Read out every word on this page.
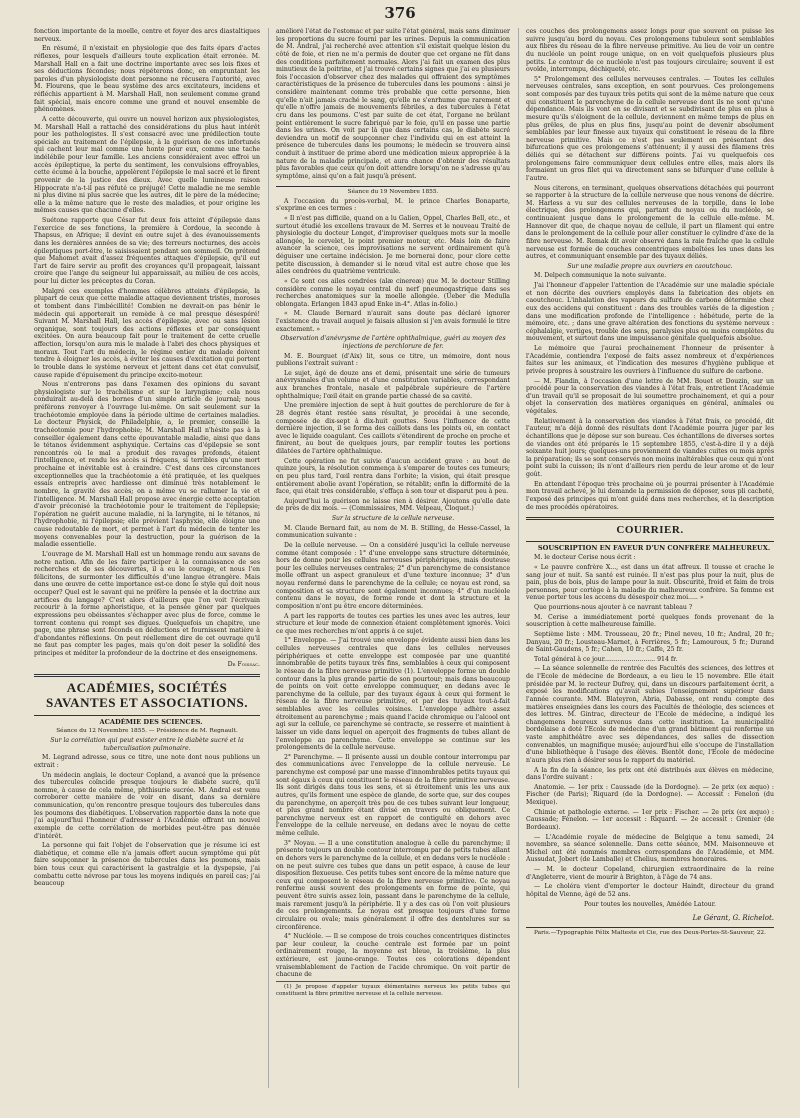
376

fonction importante de la moelle, centre et foyer des arcs diastaltiques nerveux.

En résumé, il n'existait en physiologie que des faits épars d'actes réflexes, pour lesquels d'ailleurs toute explication était erronée. M. Marshall Hall en a fait une doctrine importante avec ses lois fixes et ses déductions fécondes; nous répéterons donc, en empruntant les paroles d'un physiologiste dont personne ne récusera l'autorité, avec M. Flourens, que le beau système des arcs excitateurs, incidens et réfléchis appartient à M. Marshall Hall, non seulement comme grand fait spécial, mais encore comme une grand et nouvel ensemble de phénomènes.

A cette découverte, qui ouvre un nouvel horizon aux physiologistes, M. Marshall Hall a rattaché des considérations du plus haut intérêt pour les pathologistes. Il s'est consacré avec une prédilection toute spéciale au traitement de l'épilepsie, à la guérison de ces infortunés qui cachent leur mal comme une honte pour eux, comme une tache indélébile pour leur famille. Les anciens considéraient avec effroi un accès épileptique, la perte du sentiment, les convulsions effroyables, cette écume à la bouche, appelèrent l'épilepsie le mal sacré et le firent provenir de la justice des dieux. Avec quelle lumineuse raison Hippocrate n'a-t-il pas réfuté ce préjugé! Cette maladie ne me semble ni plus divine ni plus sacrée que les autres, dit le père de la médecine; elle a la même nature que le reste des maladies, et pour origine les mêmes causes que chacune d'elles.

Suétone rapporte que César fut deux fois atteint d'épilepsie dans l'exercice de ses fonctions, la première à Cordoue, la seconde à Thapsus, en Afrique; il devint en outre sujet à des évanouissements dans les dernières années de sa vie; des terreurs nocturnes, des accès épileptiques port-être, le saisissaient pendant son sommeil. On prétend que Mahomet avait d'assez fréquentes attaques d'épilepsie, qu'il eut l'art de faire servir au profit des croyances qu'il propageait, laissant croire que l'ange du seigneur lui apparaissait, au milieu de ces accès, pour lui dicter les préceptes du Coran.

Malgré ces exemples d'hommes célèbres atteints d'épilepsie, la plupart de ceux que cette maladie attaque deviennent tristes, moroses et tombent dans l'imbécillité! Combien ne devrait-on pas bénir le médecin qui apporterait un remède à ce mal presque désespéré! Suivant M. Marshall Hall, les accès d'épilepsie, avec ou sans lésion organique, sont toujours des actions réflexes et par conséquent excitées. On aura beaucoup fait pour le traitement de cette cruelle affection, lorsqu'on aura mis le malade à l'abri des chocs physiques et moraux. Tout l'art du médecin, le régime entier du malade doivent tendre à éloigner les accès, à éviter les causes d'excitation qui portent le trouble dans le système nerveux et jettent dans cet état convulsif, cause rapide d'épuisement du principe excito-moteur.

Nous n'entrerons pas dans l'examen des opinions du savant physiologiste sur le trachélisme et sur le laryngisme; cela nous conduirait au-delà des bornes d'un simple article de journal; nous préférons renvoyer à l'ouvrage lui-même. On sait seulement sur la trachéotomie employée dans la période ultime de certaines maladies. Le docteur Physick, de Philadelphie, a, le premier, conseillé la trachéotomie pour l'hydrophobie; M. Marshall Hall n'hésite pas à la conseiller également dans cette épouvantable maladie, ainsi que dans le tétanos évidemment asphyxique. Certains cas d'épilepsie se sont rencontrés où le mal a produit des ravages profonds, étaient l'intelligence, et rendu les accès si fréquens, si terribles qu'une mort prochaine et inévitable est à craindre. C'est dans ces circonstances exceptionnelles que la trachéotomie a été pratiquée, et les quelques essais entrepris avec hardiesse ont diminué très notablement le nombre, la gravité des accès; on a même vu se rallumer la vie et l'intelligence. M. Marshall Hall propose avec énergie cette acceptation d'avoir préconisé la trachéotomie pour le traitement de l'épilepsie; l'opération ne guérit aucune maladie, ni la laryngite, ni le tétanos, ni l'hydrophobie, ni l'épilepsie; elle prévient l'asphyxie, elle éloigne une cause redoutable de mort, et permet à l'art du médecin de tenter les moyens convenables pour la destruction, pour la guérison de la maladie essentielle.

L'ouvrage de M. Marshall Hall est un hommage rendu aux savans de notre nation. Afin de les faire participer à la connaissance de ses recherches et de ses découvertes, il a eu le courage, et nous l'en félicitons, de surmonter les difficultés d'une langue étrangère. Mais dans une œuvre de cette importance est-ce donc le style qui doit nous occuper? Quel est le savant qui ne préfère la pensée et la doctrine aux artifices du langage? C'est alors d'ailleurs que l'on voit l'écrivain recourir à la forme aphoristique, et la pensée gêner par quelques expressions peu obéissantes s'échapper avec plus de force, comme le torrent contenu qui rompt ses digues. Quelquefois un chapitre, une page, une phrase sont féconds en déductions et fournissent matière à d'abondantes réflexions. On peut réellement dire de cet ouvrage qu'il ne faut pas compter les pages, mais qu'on doit peser la solidité des principes et méditer la profondeur de la doctrine et des enseignemens.

Dr Foissac.

ACADÉMIES, SOCIÉTÉS SAVANTES ET ASSOCIATIONS.

ACADÉMIE DES SCIENCES.

Séance du 12 Novembre 1855. — Présidence de M. Regnault.

Sur la corrélation qui peut exister entre le diabète sucré et la tuberculisation pulmonaire.

M. Legrand adresse, sous ce titre, une note dont nous publions un extrait :

Un médecin anglais, le docteur Copland, a avancé que la présence des tubercules coïncide presque toujours le diabète sucré, qu'il nomme, à cause de cela même, phthisurie sucrée. M. Andral est venu corroborer cette manière de voir en disant, dans sa dernière communication, qu'on rencontre presque toujours des tubercules dans les poumons des diabétiques. L'observation rapportée dans la note que j'ai aujourd'hui l'honneur d'adresser à l'Académie offrant un nouvel exemple de cette corrélation de morbides peut-être pas dénuée d'intérêt.

La personne qui fait l'objet de l'observation que je résume ici est diabétique, et comme elle n'a jamais offert aucun symptôme qui pût faire soupçonner la présence de tubercules dans les poumons, mais bien tous ceux qui caractérisent la gastralgie et la dyspepsie, j'ai combattu cette névrose par tous les moyens indiqués en pareil cas; j'ai beaucoup

amélioré l'état de l'estomac et par suite l'état général, mais sans diminuer les proportions du sucre fourni par les urines. Depuis la communication de M. Andral, j'ai recherché avec attention s'il existait quelque lésion du côté de foie, et rien ne m'a permis de douter que cet organe ne fût dans des conditions parfaitement normales. Alors j'ai fait un examen des plus minutieux de la poitrine, et j'ai trouvé certains signes que j'ai eu plusieurs fois l'occasion d'observer chez des malades qui offraient des symptômes caractéristiques de la présence de tubercules dans les poumons : ainsi je considère maintenant comme très probable que cette personne, bien qu'elle n'ait jamais craché le sang, qu'elle ne s'enrhume que rarement et qu'elle n'offre jamais de mouvements fébriles, a des tubercules à l'état cru dans les poumons. C'est par suite de cet état, l'organe ne brûlant point entièrement le sucre fabriqué par le foie, qu'il en passe une partie dans les urines. On voit par là que dans certains cas, le diabète sucré deviendra un motif de soupçonner chez l'individu qui en est atteint la présence de tubercules dans les poumons; le médecin se trouvera ainsi conduit à instituer de prime abord une médication mieux appropriée à la nature de la maladie principale, et aura chance d'obtenir des résultats plus favorables que ceux qu'on doit attendre lorsqu'on ne s'adresse qu'au symptôme, ainsi qu'on a fait jusqu'à présent.

Séance du 19 Novembre 1855.

A l'occasion du procès-verbal, M. le prince Charles Bonaparte, s'exprime en ces termes :

« Il n'est pas difficile, quand on a lu Galien, Oppel, Charles Bell, etc., et surtout étudié les excellens travaux de M. Serres et le nouveau Traité de physiologie du docteur Longet, d'improviser quelques mots sur la moelle allongée, le cervelet, le point premier moteur, etc. Mais loin de faire avancer la science, ces improvisations ne servent ordinairement qu'à déguiser une certaine indécision. Je me bornerai donc, pour clore cette petite discussion, à demander si le nœud vital est autre chose que les ailes cendrées du quatrième ventricule.

« Ce sont ces ailes cendrées (alæ cinereæ) que M. le docteur Stilling considère comme le noyau central du nerf pneumogastrique dans ses recherches anatomiques sur la moelle allongée. (Ueber die Medulla oblongata. Erlangen 1843 apud Enke in-4°. Atlas in-folio.)

« M. Claude Bernard n'aurait sans doute pas déclaré ignorer l'existence du travail auquel je faisais allusion si j'en avais formulé le titre exactement. »

Observation d'anévrysme de l'artère ophthalmique, guéri au moyen des injections de perchlorure de fer.

M. E. Bourguet (d'Aix) lit, sous ce titre, un mémoire, dont nous publions l'extrait suivant :

Le sujet, âgé de douze ans et demi, présentait une série de tumeurs anévrysmales d'un volume et d'une constitution variables, correspondant aux branches frontale, nasale et palpébrale supérieure de l'artère ophthalmique; l'œil était en grande partie chassé de sa cavité.

Une première injection de sept à huit gouttes de perchlorure de fer à 28 degrés étant restée sans résultat, je procédai à une seconde, composée de dix-sept à dix-huit gouttes. Sous l'influence de cette dernière injection, il se forma des caillots dans les points où, en contact avec le liquide coagulant. Ces caillots s'étendirent de proche en proche et finirent, au bout de quelques jours, par remplir toutes les portions dilatées de l'artère ophthalmique.

Cette opération ne fut suivie d'aucun accident grave : au bout de quinze jours, la résolution commença à s'emparer de toutes ces tumeurs; en peu plus tard, l'œil rentra dans l'orbite; la vision, qui était presque entièrement abolie avant l'opération, se rétablit; enfin la difformité de la face, qui était très considérable, s'effaça à son tour et disparut peu à peu.

Aujourd'hui la guérison ne laisse rien à désirer. Ajoutons qu'elle date de près de dix mois. — (Commissaires, MM. Velpeau, Cloquet.)

Sur la structure de la cellule nerveuse.

M. Claude Bernard fait, au nom de M. B. Stilling, de Hesse-Cassel, la communication suivante :

De la cellule nerveuse. — On a considéré jusqu'ici la cellule nerveuse comme étant composée : 1° d'une enveloppe sans structure déterminée, hors de donne pour les cellules nerveuses périphériques, mais douteuse pour les cellules nerveuses centrales; 2° d'un parenchyme de consistance molle offrant un aspect granuleux et d'une texture inconnue; 3° d'un noyau renfermé dans le parenchyme de la cellule; ce noyau est rond, sa composition et sa structure sont également inconnues; 4° d'un nucléole contenu dans le noyau, de forme ronde et dont la structure et la composition n'ont pu être encore déterminées.

A part les rapports de toutes ces parties les unes avec les autres, leur structure et leur mode de connexion étaient complètement ignorés. Voici ce que mes recherches m'ont appris à ce sujet.

1° Enveloppe. — J'ai trouvé une enveloppe évidente aussi bien dans les cellules nerveuses centrales que dans les cellules nerveuses périphériques et cette enveloppe est composée par une quantité innombrable de petits tuyaux très fins, semblables à ceux qui composent le réseau de la fibre nerveuse primitive (1). L'enveloppe forme un double contour dans la plus grande partie de son pourtour; mais dans beaucoup de points on voit cette enveloppe commuquer, en dedans avec le parenchyme de la cellule, par des tuyaux égaux à ceux qui forment le réseau de la fibre nerveuse primitive, et par des tuyaux tout-à-fait semblables avec les cellules voisines. L'enveloppe adhère assez étroitement au parenchyme ; mais quand l'acide chromique ou l'alcool ont agi sur la cellule, ce parenchyme se contracte, se resserre et maintient à laisser un vide dans lequel on aperçoit des fragments de tubes allant de l'enveloppe au parenchyme. Cette enveloppe se continue sur les prolongements de la cellule nerveuse.

2° Parenchyme. — Il présente aussi un double contour interrompu par des communications avec l'enveloppe de la cellule nerveuse. Le parenchyme est composé par une masse d'innombrables petits tuyaux qui sont égaux à ceux qui constituent le réseau de la fibre primitive nerveuse. Ils sont dirigés dans tous les sens, et si étroitement unis les uns aux autres, qu'ils forment une espèce de glande, de sorte que, sur des coupes du parenchyme, on aperçoit très peu de ces tubes suivant leur longueur, et plus grand nombre étant divisé en travers ou obliquement. Ce parenchyme nerveux est en rapport de contiguïté en dehors avec l'enveloppe de la cellule nerveuse, en dedans avec le noyau de cette même cellule.

3° Noyau. — Il a une constitution analogue à celle du parenchyme; il présente toujours un double contour interrompu par de petits tubes allant en dehors vers le parenchyme de la cellule, et en dedans vers le nucléole : on ne peut suivre ces tubes que dans un petit espace, à cause de leur disposition flexueuse. Ces petits tubes sont encore de la même nature que ceux qui composent le réseau de la fibre nerveuse primitive. Ce noyau renferme aussi souvent des prolongements en forme de pointe, qui peuvent être suivis assez loin, passant dans le parenchyme de la cellule, mais rarement jusqu'à la périphérie. Il y a des cas où l'on voit plusieurs de ces prolongements. Le noyau est presque toujours d'une forme circulaire ou ovale; mais généralement il offre des dentelures sur sa circonférence.

4° Nucléole. — Il se compose de trois couches concentriques distinctes par leur couleur, la couche centrale est formée par un point ordinairement rouge, la moyenne est bleue, la troisième, la plus extérieure, est jaune-orange. Toutes ces colorations dépendent vraisemblablement de l'action de l'acide chromique. On voit partir de chacune de

(1) Je propose d'appeler tuyaux élémentaires nerveux les petits tubes qui constituent la fibre primitive nerveuse et la cellule nerveuse.

ces couches des prolongemens assez longs pour que souvent on puisse les suivre jusqu'au bord du noyau. Ces prolongemens tubuleux sont semblables aux fibres du réseau de la fibre nerveuse primitive. Au lieu de voir un centre du nucléole un point rouge unique, on en voit quelquefois plusieurs plus petits. Le contour de ce nucléole n'est pas toujours circulaire; souvent il est ovoïde, interrompu, déchiqueté, etc.

5° Prolongement des cellules nerveuses centrales. — Toutes les cellules nerveuses centrales, sans exception, en sont pourvues. Ces prolongemens sont composés par des tuyaux très petits qui sont de la même nature que ceux qui constituent le parenchyme de la cellule nerveuse dont ils ne sont qu'une dépendance. Mais ils vont en se divisant et se subdivisant de plus en plus à mesure qu'ils s'éloignent de la cellule, deviennent en même temps de plus en plus grêles, de plus en plus fins, jusqu'au point de devenir absolument semblables par leur finesse aux tuyaux qui constituent le réseau de la fibre nerveuse primitive. Mais ce n'est pas seulement en présentant des bifurcations que ces prolongemens s'atténuent; il y aussi des filamens très déliés qui se détachent sur différens points. J'ai vu quelquefois ces prolongemens faire communiquer deux cellules entre elles, mais alors ils formaient un gros filet qui va directement sans se bifurquer d'une cellule à l'autre.

Nous citerons, en terminant, quelques observations détachées qui pourront se rapporter à la structure de la cellule nerveuse que nous venons de décrire. M. Harless a vu sur des cellules nerveuses de la torpille, dans le lobe électrique, des prolongemens qui, partant du noyau ou du nucléole, se continuaient jusque dans le prolongement de la cellule elle-même. M. Hannover dit que, de chaque noyau de cellule, il part un filament qui entre dans le prolongement de la cellule pour aller constituer le cylindre d'axe de la fibre nerveuse. M. Remak dit avoir observé dans la raie fraîche que la cellule nerveuse est formée de couches concentriques emboîtées les unes dans les autres, et communiquant ensemble par des tuyaux déliés.

Sur une maladie propre aux ouvriers en caoutchouc.

M. Delpech communique la note suivante.

J'ai l'honneur d'appeler l'attention de l'Académie sur une maladie spéciale et non décrite des ouvriers employés dans la fabrication des objets en caoutchouc. L'inhalation des vapeurs du sulfure de carbone détermine chez eux des accidens qui constituent : dans des troubles variés de la digestion ; dans une modification profonde de l'intelligence : hébétude, perte de la mémoire, etc. ; dans une grave altération des fonctions du système nerveux : céphalalgie, vertiges, trouble des sens, paralysies plus ou moins complètes du mouvement, et surtout dans une impuissance génitale quelquefois absolue.

Le mémoire que j'aurai prochainement l'honneur de présenter à l'Académie, contiendra l'exposé de faits assez nombreux et d'expériences faites sur les animaux, et l'indication des mesures d'hygiène publique et privée propres à soustraire les ouvriers à l'influence du sulfure de carbone.

— M. Flandin, à l'occasion d'une lettre de MM. Bouet et Douzin, sur un procédé pour la conservation des viandes à l'état frais, entretient l'Académie d'un travail qu'il se proposait de lui soumettre prochainement, et qui a pour objet la conservation des matières organiques en général, animales ou végétales.

Relativement à la conservation des viandes à l'état frais, ce procédé, dit l'auteur, m'a déjà donné des résultats dont l'Académie pourra juger par les échantillons que je dépose sur son bureau. Ces échantillons de diverses sortes de viandes ont été préparés le 15 septembre 1855, c'est-à-dire il y a déjà soixante huit jours; quelques-uns proviennent de viandes cuites ou mois après la préparation; ils se sont conservés non moins inaltérables que ceux qui n'ont point subi la cuisson; ils n'ont d'ailleurs rien perdu de leur arome et de leur goût.

En attendant l'époque très prochaine où je pourrai présenter à l'Académie mon travail achevé, je lui demande la permission de déposer, sous pli cacheté, l'exposé des principes qui m'ont guidé dans mes recherches, et la description de mes procédés opératoires.

COURRIER.

SOUSCRIPTION EN FAVEUR D'UN CONFRÈRE MALHEUREUX.

M. le docteur Cerise nous écrit :

« Le pauvre confrère X..., est dans un état affreux. Il tousse et crache le sang jour et nuit. Sa santé est ruinée. Il n'est pas plus pour la nuit, plus de pain, plus de bois, plus de lampe pour la nuit. Obscurité, froid et faim de trois personnes, pour cortège à la maladie du malheureux confrère. Sa femme est venue porter tous les accens du désespoir chez moi..... »

Que pourrions-nous ajouter à ce navrant tableau ?

M. Cerise a immédiatement porté quelques fonds provenant de la souscription à cette malheureuse famille.

Septième liste : MM. Trousseau, 20 fr.; Pinel neveu, 10 fr.; Andral, 20 fr.; Danyau, 20 fr.; Lousteau-Marnet, à Ferrières, 5 fr.; Lamouroux, 5 fr.; Durand de Saint-Gaudens, 5 fr.; Cahen, 10 fr.; Caffe, 25 fr.

Total général à ce jour.......................... 914 fr.

— La séance solennelle de rentrée des Facultés des sciences, des lettres et de l'Ecole de médecine de Bordeaux, a eu lieu le 15 novembre. Elle était présidée par M. le recteur Dufrey, qui, dans un discours parfaitement écrit, a exposé les modifications qu'avait subies l'enseignement supérieur dans l'année courante. MM. Blateyron, Abria, Dabasse, ont rendu compte des matières enseignées dans les cours des Facultés de théologie, des sciences et des lettres. M. Gintrac, directeur de l'Ecole de médecine, a indiqué les changemens heureux survenus dans cette institution. La municipalité bordelaise a doté l'Ecole de médecine d'un grand bâtiment qui renferme un vaste amphithéâtre avec ses dépendances, des salles de dissection convenables, un magnifique musée; aujourd'hui elle s'occupe de l'installation d'une bibliothèque à l'usage des élèves. Bientôt donc, l'Ecole de médecine n'aura plus rien à désirer sous le rapport du matériel.

A la fin de la séance, les prix ont été distribués aux élèves en médecine, dans l'ordre suivant :

Anatomie. — 1er prix : Caussade (de la Dordogne). — 2e prix (ex æquo) : Fischer (de Paris); Riquard (de la Dordogne). — Accessit : Fenelon (du Mexique).

Chimie et pathologie externe. — 1er prix : Fischer. — 2e prix (ex æquo) : Caussade; Fénelon. — 1er accessit : Riquard. — 2e accessit : Grenier (de Bordeaux).

— L'Académie royale de médecine de Belgique a tenu samedi, 24 novembre, sa séance solennelle. Dans cette séance, MM. Maisonneuve et Michel ont été nommés membres correspondans de l'Académie, et MM. Aussudat, Jobert (de Lamballe) et Chelius, membres honoraires.

— M. le docteur Copeland, chirurgien extraordinaire de la reine d'Angleterre, vient de mourir à Brighton, à l'âge de 74 ans.

— Le choléra vient d'emporter le docteur Haindt, directeur du grand hôpital de Vienne, âgé de 52 ans.

Pour toutes les nouvelles, Amédée Latour.

Le Gérant, G. Richelot.
Paris.—Typographie Félix Malteste et Cie, rue des Deux-Portes-St-Sauveur, 22.
